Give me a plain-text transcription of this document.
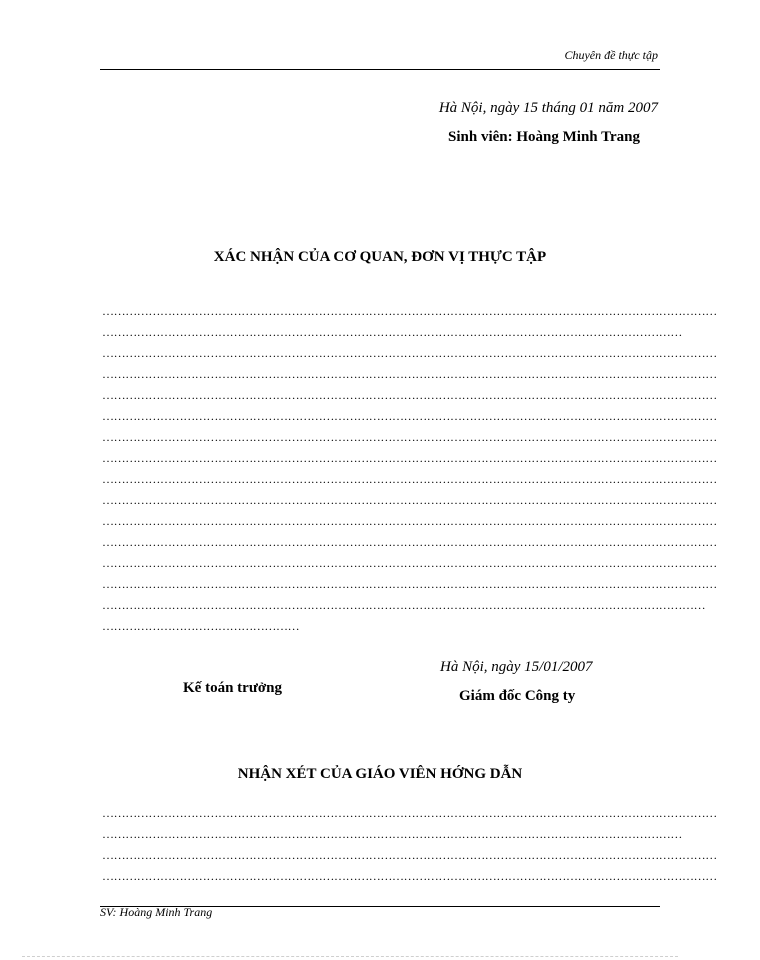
Chuyên đề thực tập
Hà Nội, ngày 15 tháng 01 năm 2007
Sinh viên: Hoàng Minh Trang
XÁC NHẬN CỦA CƠ QUAN, ĐƠN VỊ THỰC TẬP
……………………………………………………………………………………………………………………………………………
……………………………………………………………………………………………………………………………………
……………………………………………………………………………………………………………………………………………
……………………………………………………………………………………………………………………………………………
……………………………………………………………………………………………………………………………………………
……………………………………………………………………………………………………………………………………………
……………………………………………………………………………………………………………………………………………
……………………………………………………………………………………………………………………………………………
……………………………………………………………………………………………………………………………………………
……………………………………………………………………………………………………………………………………………
……………………………………………………………………………………………………………………………………………
……………………………………………………………………………………………………………………………………………
……………………………………………………………………………………………………………………………………………
……………………………………………………………………………………………………………………………………………
…………………………………………………………………………………………………………………………………………
……………………………………………
Hà Nội, ngày 15/01/2007
Kế toán trưởng	Giám đốc Công ty
NHẬN XÉT CỦA GIÁO VIÊN HỚNG DẪN
……………………………………………………………………………………………………………………………………………
……………………………………………………………………………………………………………………………………
……………………………………………………………………………………………………………………………………………
……………………………………………………………………………………………………………………………………………
SV: Hoàng Minh Trang
